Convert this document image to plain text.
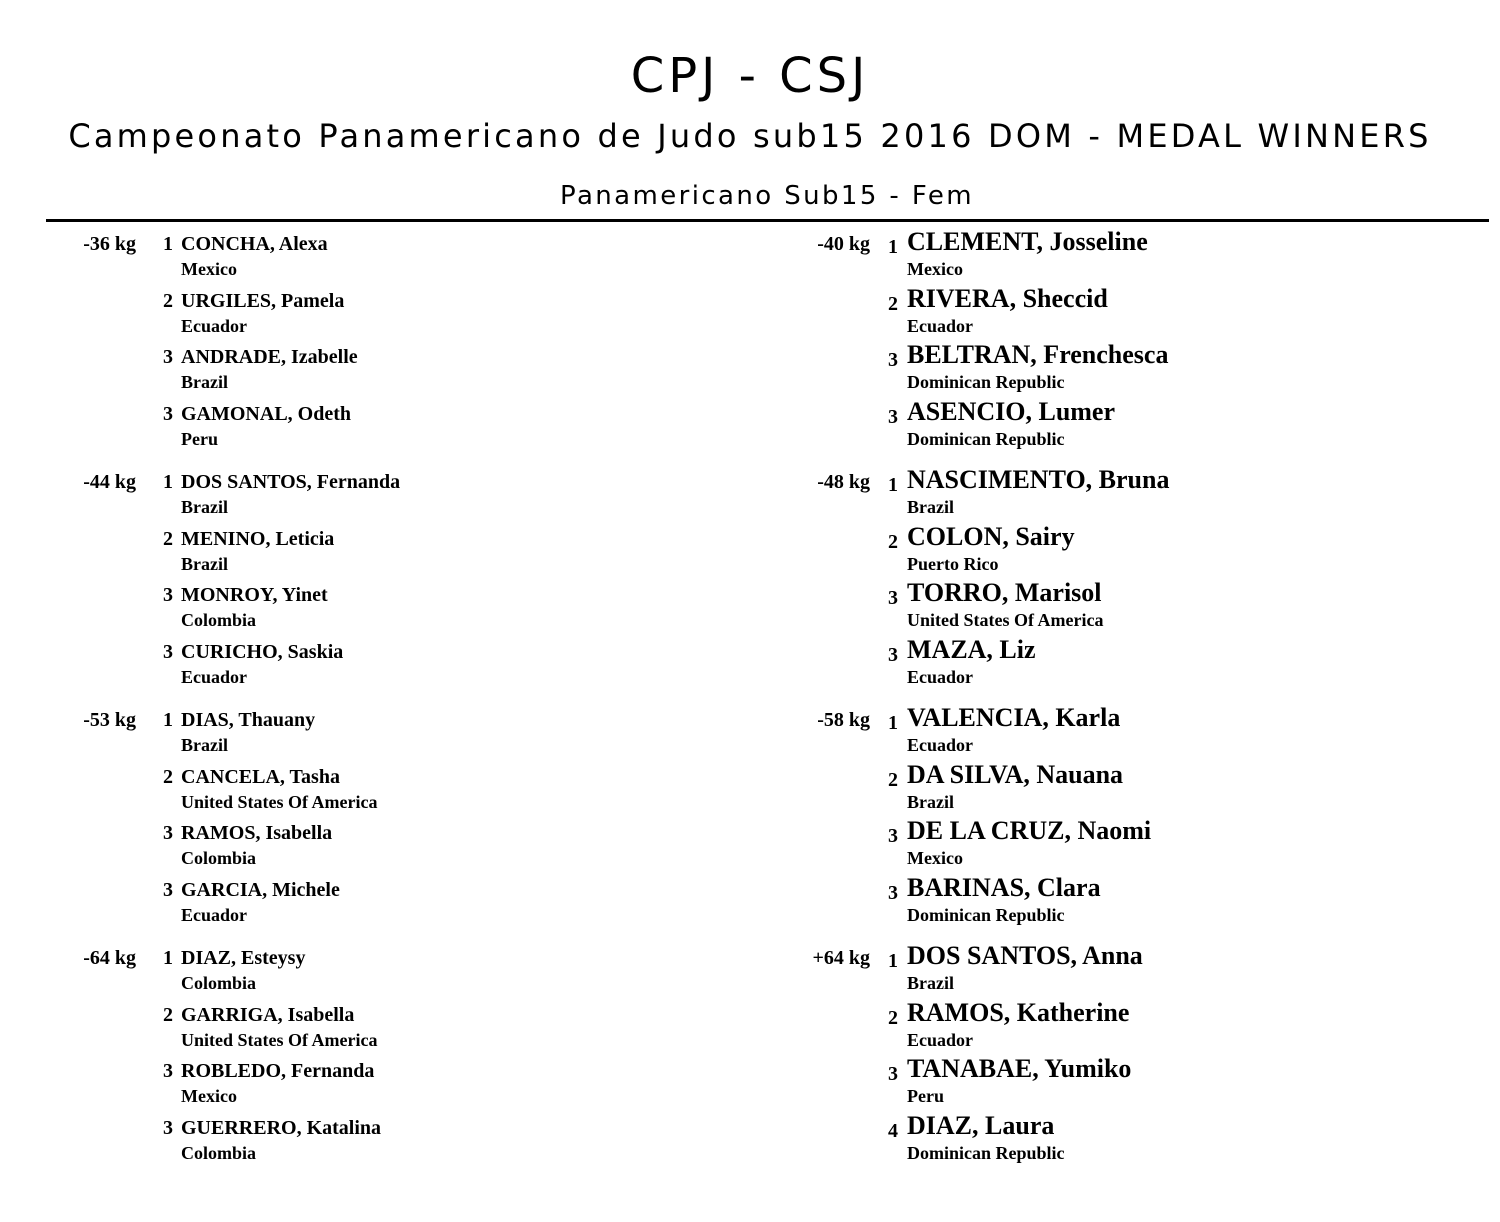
CPJ - CSJ
Campeonato Panamericano de Judo sub15 2016 DOM - MEDAL WINNERS
Panamericano Sub15 - Fem
-36 kg 1 CONCHA, Alexa
Mexico
2 URGILES, Pamela
Ecuador
3 ANDRADE, Izabelle
Brazil
3 GAMONAL, Odeth
Peru
-44 kg 1 DOS SANTOS, Fernanda
Brazil
2 MENINO, Leticia
Brazil
3 MONROY, Yinet
Colombia
3 CURICHO, Saskia
Ecuador
-53 kg 1 DIAS, Thauany
Brazil
2 CANCELA, Tasha
United States Of America
3 RAMOS, Isabella
Colombia
3 GARCIA, Michele
Ecuador
-64 kg 1 DIAZ, Esteysy
Colombia
2 GARRIGA, Isabella
United States Of America
3 ROBLEDO, Fernanda
Mexico
3 GUERRERO, Katalina
Colombia
-40 kg 1 CLEMENT, Josseline
Mexico
2 RIVERA, Sheccid
Ecuador
3 BELTRAN, Frenchesca
Dominican Republic
3 ASENCIO, Lumer
Dominican Republic
-48 kg 1 NASCIMENTO, Bruna
Brazil
2 COLON, Sairy
Puerto Rico
3 TORRO, Marisol
United States Of America
3 MAZA, Liz
Ecuador
-58 kg 1 VALENCIA, Karla
Ecuador
2 DA SILVA, Nauana
Brazil
3 DE LA CRUZ, Naomi
Mexico
3 BARINAS, Clara
Dominican Republic
+64 kg 1 DOS SANTOS, Anna
Brazil
2 RAMOS, Katherine
Ecuador
3 TANABAE, Yumiko
Peru
4 DIAZ, Laura
Dominican Republic
